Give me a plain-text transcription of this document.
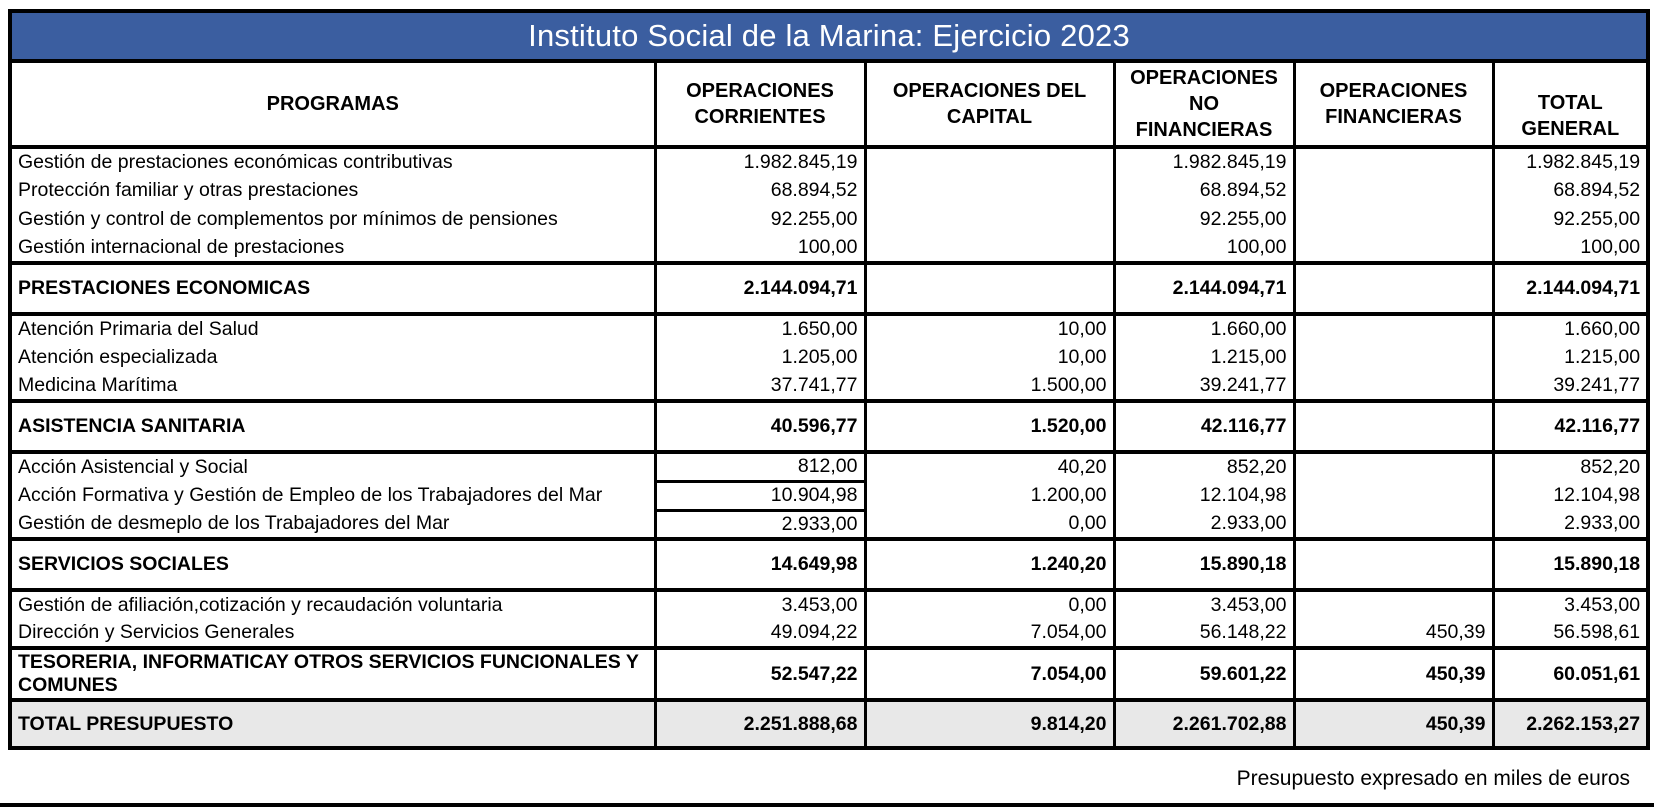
Instituto Social de la Marina: Ejercicio 2023					
PROGRAMAS	OPERACIONES CORRIENTES	OPERACIONES DEL CAPITAL	OPERACIONES NO FINANCIERAS	OPERACIONES FINANCIERAS	TOTAL GENERAL
Gestión de prestaciones económicas contributivas	1.982.845,19		1.982.845,19		1.982.845,19
Protección familiar y otras prestaciones	68.894,52		68.894,52		68.894,52
Gestión y control de complementos por mínimos de pensiones	92.255,00		92.255,00		92.255,00
Gestión internacional de prestaciones	100,00		100,00		100,00
PRESTACIONES ECONOMICAS	2.144.094,71		2.144.094,71		2.144.094,71
Atención Primaria del Salud	1.650,00	10,00	1.660,00		1.660,00
Atención especializada	1.205,00	10,00	1.215,00		1.215,00
Medicina Marítima	37.741,77	1.500,00	39.241,77		39.241,77
ASISTENCIA SANITARIA	40.596,77	1.520,00	42.116,77		42.116,77
Acción Asistencial y Social	812,00	40,20	852,20		852,20
Acción Formativa y Gestión de Empleo de los Trabajadores del Mar	10.904,98	1.200,00	12.104,98		12.104,98
Gestión de desmeplo de los Trabajadores del Mar	2.933,00	0,00	2.933,00		2.933,00
SERVICIOS SOCIALES	14.649,98	1.240,20	15.890,18		15.890,18
Gestión de afiliación,cotización y recaudación voluntaria	3.453,00	0,00	3.453,00		3.453,00
Dirección y Servicios Generales	49.094,22	7.054,00	56.148,22	450,39	56.598,61
TESORERIA, INFORMATICAY OTROS SERVICIOS FUNCIONALES Y COMUNES	52.547,22	7.054,00	59.601,22	450,39	60.051,61
TOTAL PRESUPUESTO	2.251.888,68	9.814,20	2.261.702,88	450,39	2.262.153,27
Presupuesto expresado en miles de euros
